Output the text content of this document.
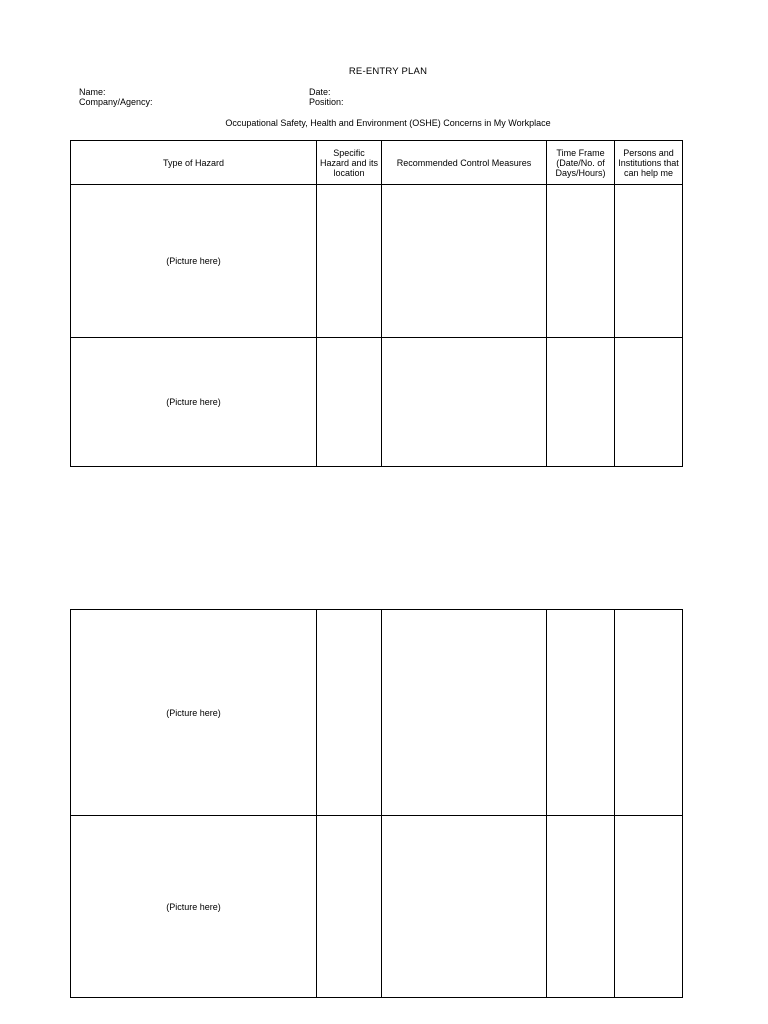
RE-ENTRY PLAN
Name:
Company/Agency:
Date:
Position:
Occupational Safety, Health and Environment (OSHE) Concerns in My Workplace
Type of Hazard	Specific Hazard and its location	Recommended Control Measures	Time Frame (Date/No. of Days/Hours)	Persons and Institutions that can help me
(Picture here)				
(Picture here)				
(Picture here)				
(Picture here)				
